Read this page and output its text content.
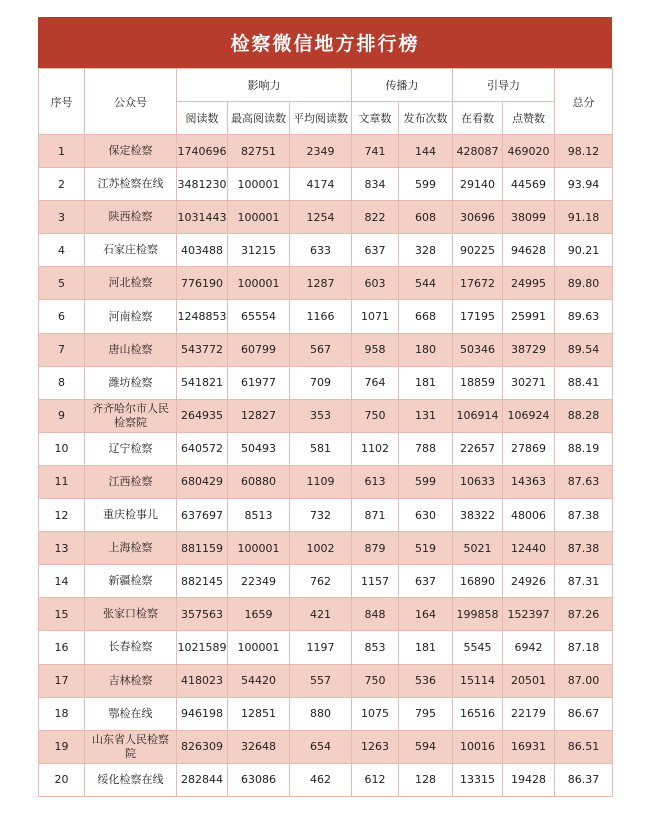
检察微信地方排行榜
序号	公众号	影响力			传播力		引导力		总分
		阅读数	最高阅读数	平均阅读数	文章数	发布次数	在看数	点赞数	
1	保定检察	1740696	82751	2349	741	144	428087	469020	98.12
2	江苏检察在线	3481230	100001	4174	834	599	29140	44569	93.94
3	陕西检察	1031443	100001	1254	822	608	30696	38099	91.18
4	石家庄检察	403488	31215	633	637	328	90225	94628	90.21
5	河北检察	776190	100001	1287	603	544	17672	24995	89.80
6	河南检察	1248853	65554	1166	1071	668	17195	25991	89.63
7	唐山检察	543772	60799	567	958	180	50346	38729	89.54
8	潍坊检察	541821	61977	709	764	181	18859	30271	88.41
9	齐齐哈尔市人民检察院	264935	12827	353	750	131	106914	106924	88.28
10	辽宁检察	640572	50493	581	1102	788	22657	27869	88.19
11	江西检察	680429	60880	1109	613	599	10633	14363	87.63
12	重庆检事儿	637697	8513	732	871	630	38322	48006	87.38
13	上海检察	881159	100001	1002	879	519	5021	12440	87.38
14	新疆检察	882145	22349	762	1157	637	16890	24926	87.31
15	张家口检察	357563	1659	421	848	164	199858	152397	87.26
16	长春检察	1021589	100001	1197	853	181	5545	6942	87.18
17	吉林检察	418023	54420	557	750	536	15114	20501	87.00
18	鄂检在线	946198	12851	880	1075	795	16516	22179	86.67
19	山东省人民检察院	826309	32648	654	1263	594	10016	16931	86.51
20	绥化检察在线	282844	63086	462	612	128	13315	19428	86.37
